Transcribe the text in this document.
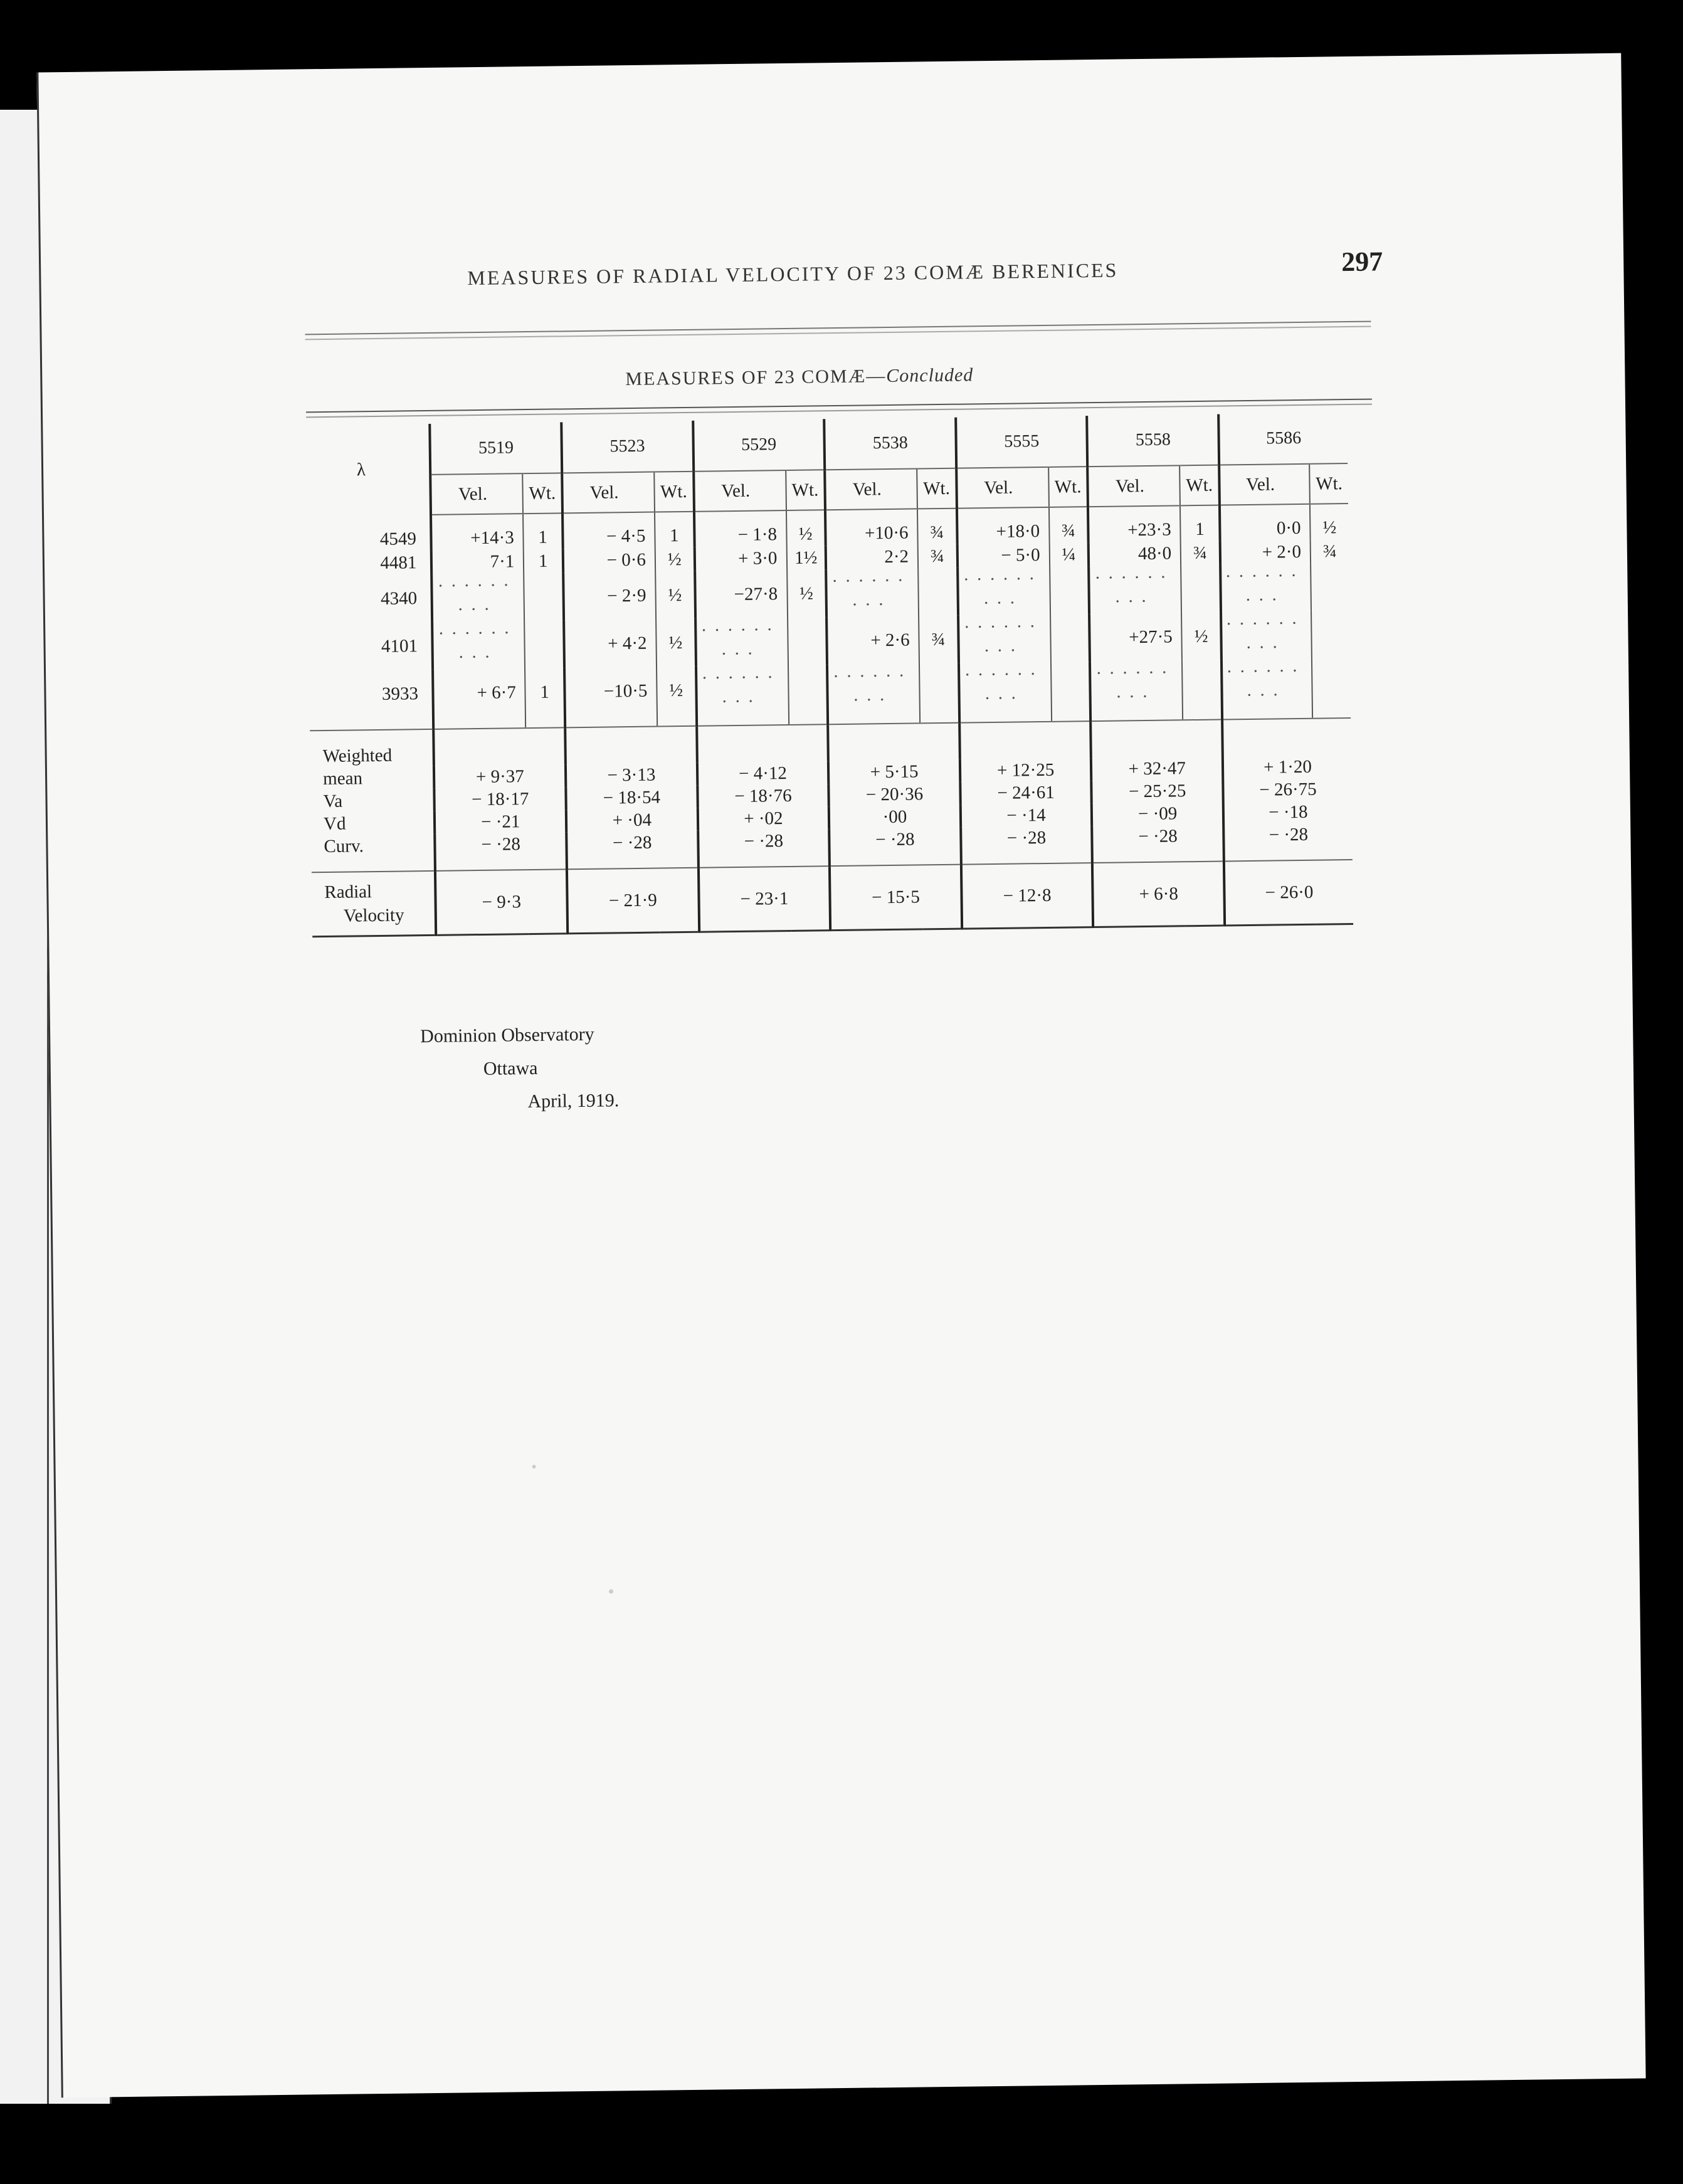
MEASURES OF RADIAL VELOCITY OF 23 COMÆ BERENICES	297
MEASURES OF 23 COMÆ—Concluded
λ	5519		5523		5529		5538		5555		5558		5586	
	Vel.	Wt.	Vel.	Wt.	Vel.	Wt.	Vel.	Wt.	Vel.	Wt.	Vel.	Wt.	Vel.	Wt.
4549	+14·3	1	− 4·5	1	− 1·8	½	+10·6	¾	+18·0	¾	+23·3	1	0·0	½
4481	7·1	1	− 0·6	½	+ 3·0	1½	2·2	¾	− 5·0	¼	48·0	¾	+ 2·0	¾
4340	· · · · · · · · ·		− 2·9	½	−27·8	½	· · · · · · · · ·		· · · · · · · · ·		· · · · · · · · ·		· · · · · · · · ·	
4101	· · · · · · · · ·		+ 4·2	½	· · · · · · · · ·		+ 2·6	¾	· · · · · · · · ·		+27·5	½	· · · · · · · · ·	
3933	+ 6·7	1	−10·5	½	· · · · · · · · ·		· · · · · · · · ·		· · · · · · · · ·		· · · · · · · · ·		· · · · · · · · ·	
Weighted														
mean	+ 9·37		− 3·13		− 4·12		+ 5·15		+ 12·25		+ 32·47		+ 1·20	
Va	− 18·17		− 18·54		− 18·76		− 20·36		− 24·61		− 25·25		− 26·75	
Vd	− ·21		+ ·04		+ ·02		·00		− ·14		− ·09		− ·18	
Curv.	− ·28		− ·28		− ·28		− ·28		− ·28		− ·28		− ·28	

Radial
Velocity	− 9·3		− 21·9		− 23·1		− 15·5		− 12·8		+ 6·8		− 26·0	
Dominion Observatory
Ottawa
April, 1919.
